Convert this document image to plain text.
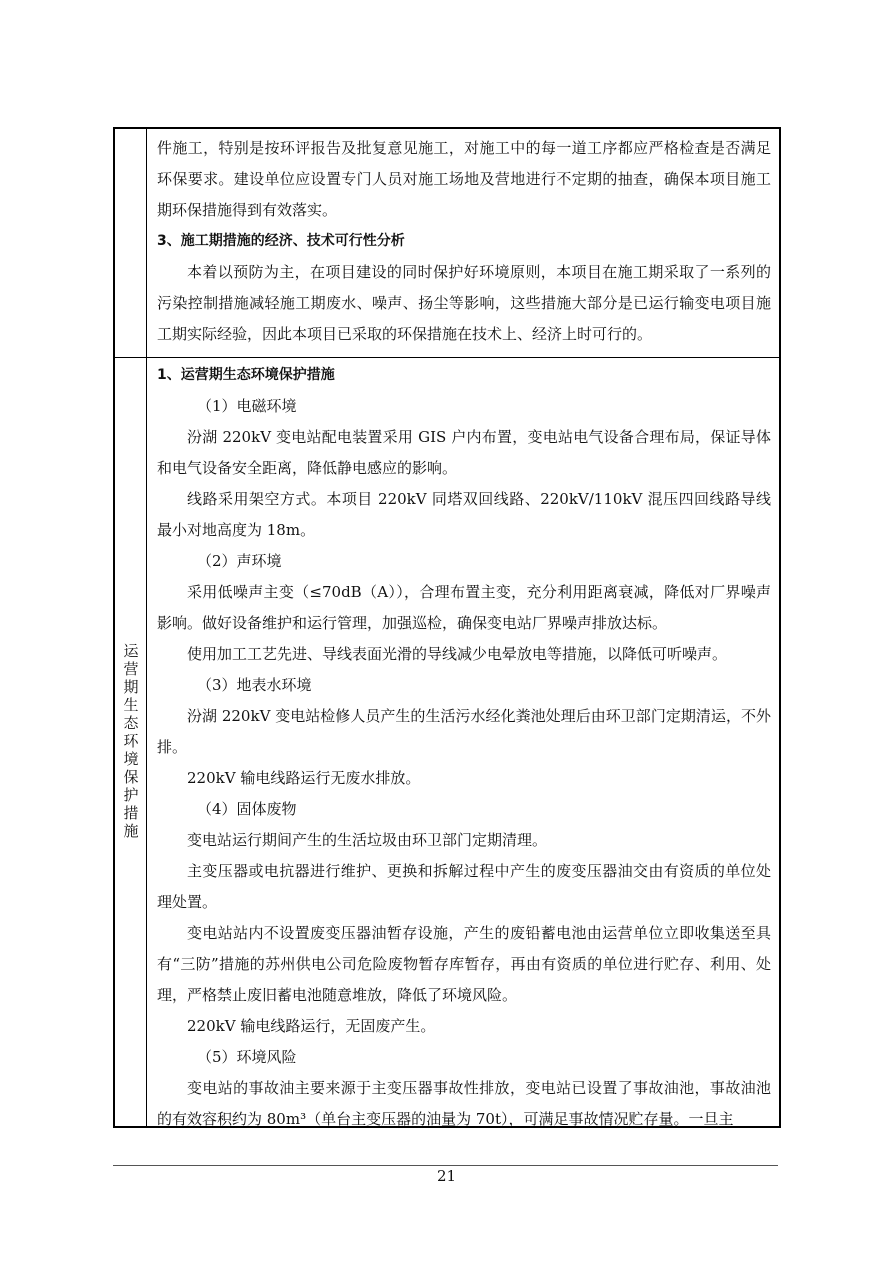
件施工，特别是按环评报告及批复意见施工，对施工中的每一道工序都应严格检查是否满足环保要求。建设单位应设置专门人员对施工场地及营地进行不定期的抽查，确保本项目施工期环保措施得到有效落实。

3、施工期措施的经济、技术可行性分析

本着以预防为主，在项目建设的同时保护好环境原则，本项目在施工期采取了一系列的污染控制措施减轻施工期废水、噪声、扬尘等影响，这些措施大部分是已运行输变电项目施工期实际经验，因此本项目已采取的环保措施在技术上、经济上时可行的。

运营期生态环境保护措施

1、运营期生态环境保护措施

（1）电磁环境

汾湖 220kV 变电站配电装置采用 GIS 户内布置，变电站电气设备合理布局，保证导体和电气设备安全距离，降低静电感应的影响。

线路采用架空方式。本项目 220kV 同塔双回线路、220kV/110kV 混压四回线路导线最小对地高度为 18m。

（2）声环境

采用低噪声主变（≤70dB（A）），合理布置主变，充分利用距离衰减，降低对厂界噪声影响。做好设备维护和运行管理，加强巡检，确保变电站厂界噪声排放达标。

使用加工工艺先进、导线表面光滑的导线减少电晕放电等措施，以降低可听噪声。

（3）地表水环境

汾湖 220kV 变电站检修人员产生的生活污水经化粪池处理后由环卫部门定期清运，不外排。

220kV 输电线路运行无废水排放。

（4）固体废物

变电站运行期间产生的生活垃圾由环卫部门定期清理。

主变压器或电抗器进行维护、更换和拆解过程中产生的废变压器油交由有资质的单位处理处置。

变电站站内不设置废变压器油暂存设施，产生的废铅蓄电池由运营单位立即收集送至具有“三防”措施的苏州供电公司危险废物暂存库暂存，再由有资质的单位进行贮存、利用、处理，严格禁止废旧蓄电池随意堆放，降低了环境风险。

220kV 输电线路运行，无固废产生。

（5）环境风险

变电站的事故油主要来源于主变压器事故性排放，变电站已设置了事故油池，事故油池的有效容积约为 80m³（单台主变压器的油量为 70t），可满足事故情况贮存量。一旦主

21
